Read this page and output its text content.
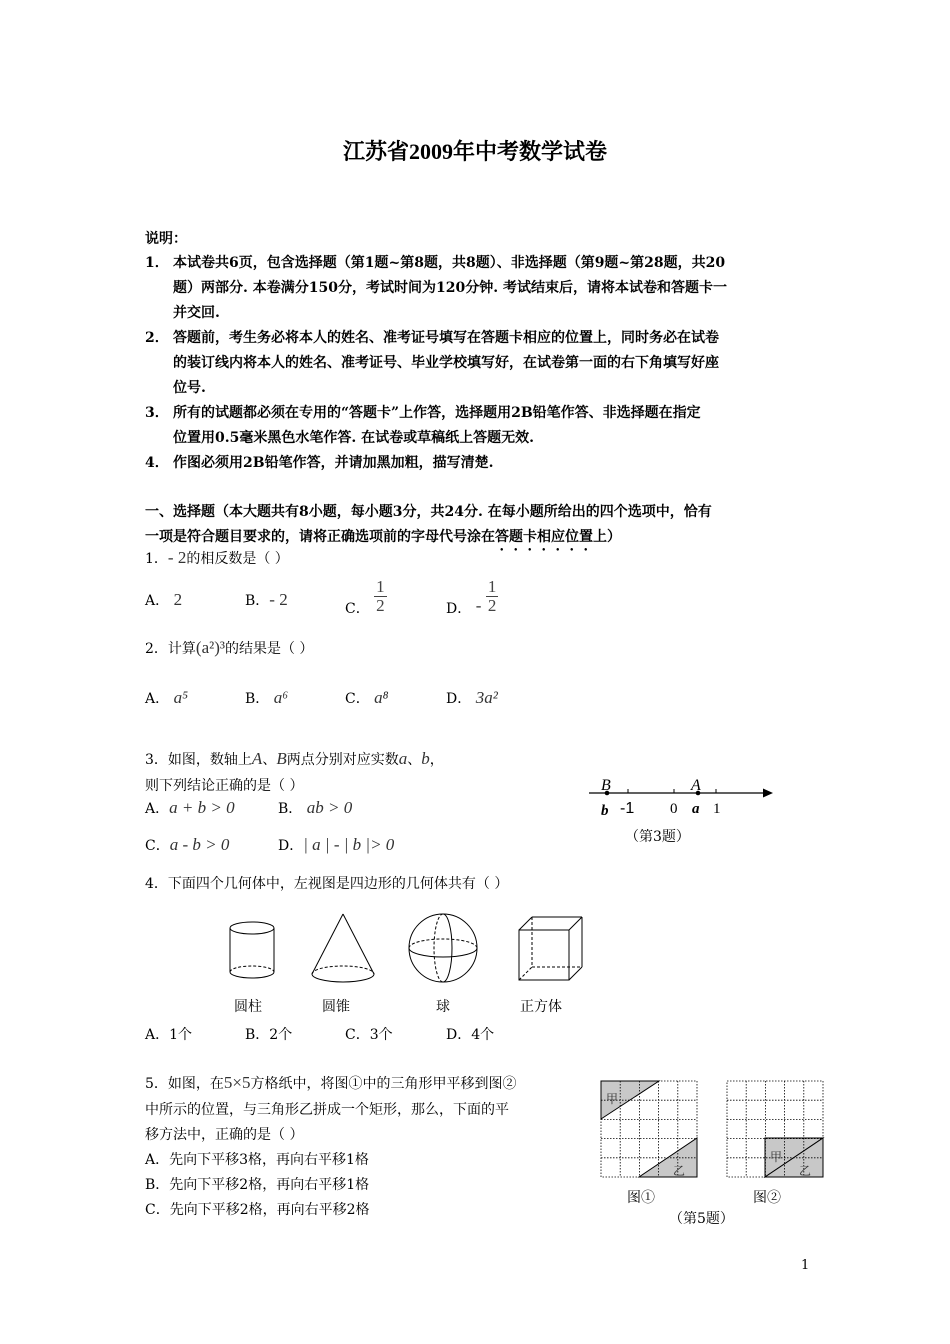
江苏省2009年中考数学试卷
说明：
1． 本试卷共6页，包含选择题（第1题~第8题，共8题）、非选择题（第9题~第28题，共20
题）两部分. 本卷满分150分，考试时间为120分钟. 考试结束后，请将本试卷和答题卡一
并交回.
2． 答题前，考生务必将本人的姓名、准考证号填写在答题卡相应的位置上，同时务必在试卷
的装订线内将本人的姓名、准考证号、毕业学校填写好，在试卷第一面的右下角填写好座
位号.
3． 所有的试题都必须在专用的“答题卡”上作答，选择题用2B铅笔作答、非选择题在指定
位置用0.5毫米黑色水笔作答. 在试卷或草稿纸上答题无效.
4． 作图必须用2B铅笔作答，并请加黑加粗，描写清楚.
一、选择题（本大题共有8小题，每小题3分，共24分. 在每小题所给出的四个选项中，恰有
一项是符合题目要求的，请将正确选项前的字母代号涂在答题卡相应位置上）
1．- 2的相反数是（ ）
A． 2	B．- 2	C． $\frac{1}{2}$	D． - $\frac{1}{2}$
2．计算(a²)³的结果是（ ）
A． a⁵	B． a⁶	C． a⁸	D． 3a²
3．如图，数轴上A、B两点分别对应实数a、b，
则下列结论正确的是（ ）
A．a + b > 0	B． ab > 0
C．a - b > 0	D．| a | - | b |> 0
B	A
b -1 0 a 1
（第3题）
4．下面四个几何体中，左视图是四边形的几何体共有（ ）
圆柱	圆锥	球	正方体
A．1个	B．2个	C．3个	D．4个
5．如图，在5×5方格纸中，将图①中的三角形甲平移到图②
中所示的位置，与三角形乙拼成一个矩形，那么，下面的平
移方法中，正确的是（ ）
A．先向下平移3格，再向右平移1格
B．先向下平移2格，再向右平移1格
C．先向下平移2格，再向右平移2格
甲
乙
甲
乙
图①	图②
（第5题）
1
